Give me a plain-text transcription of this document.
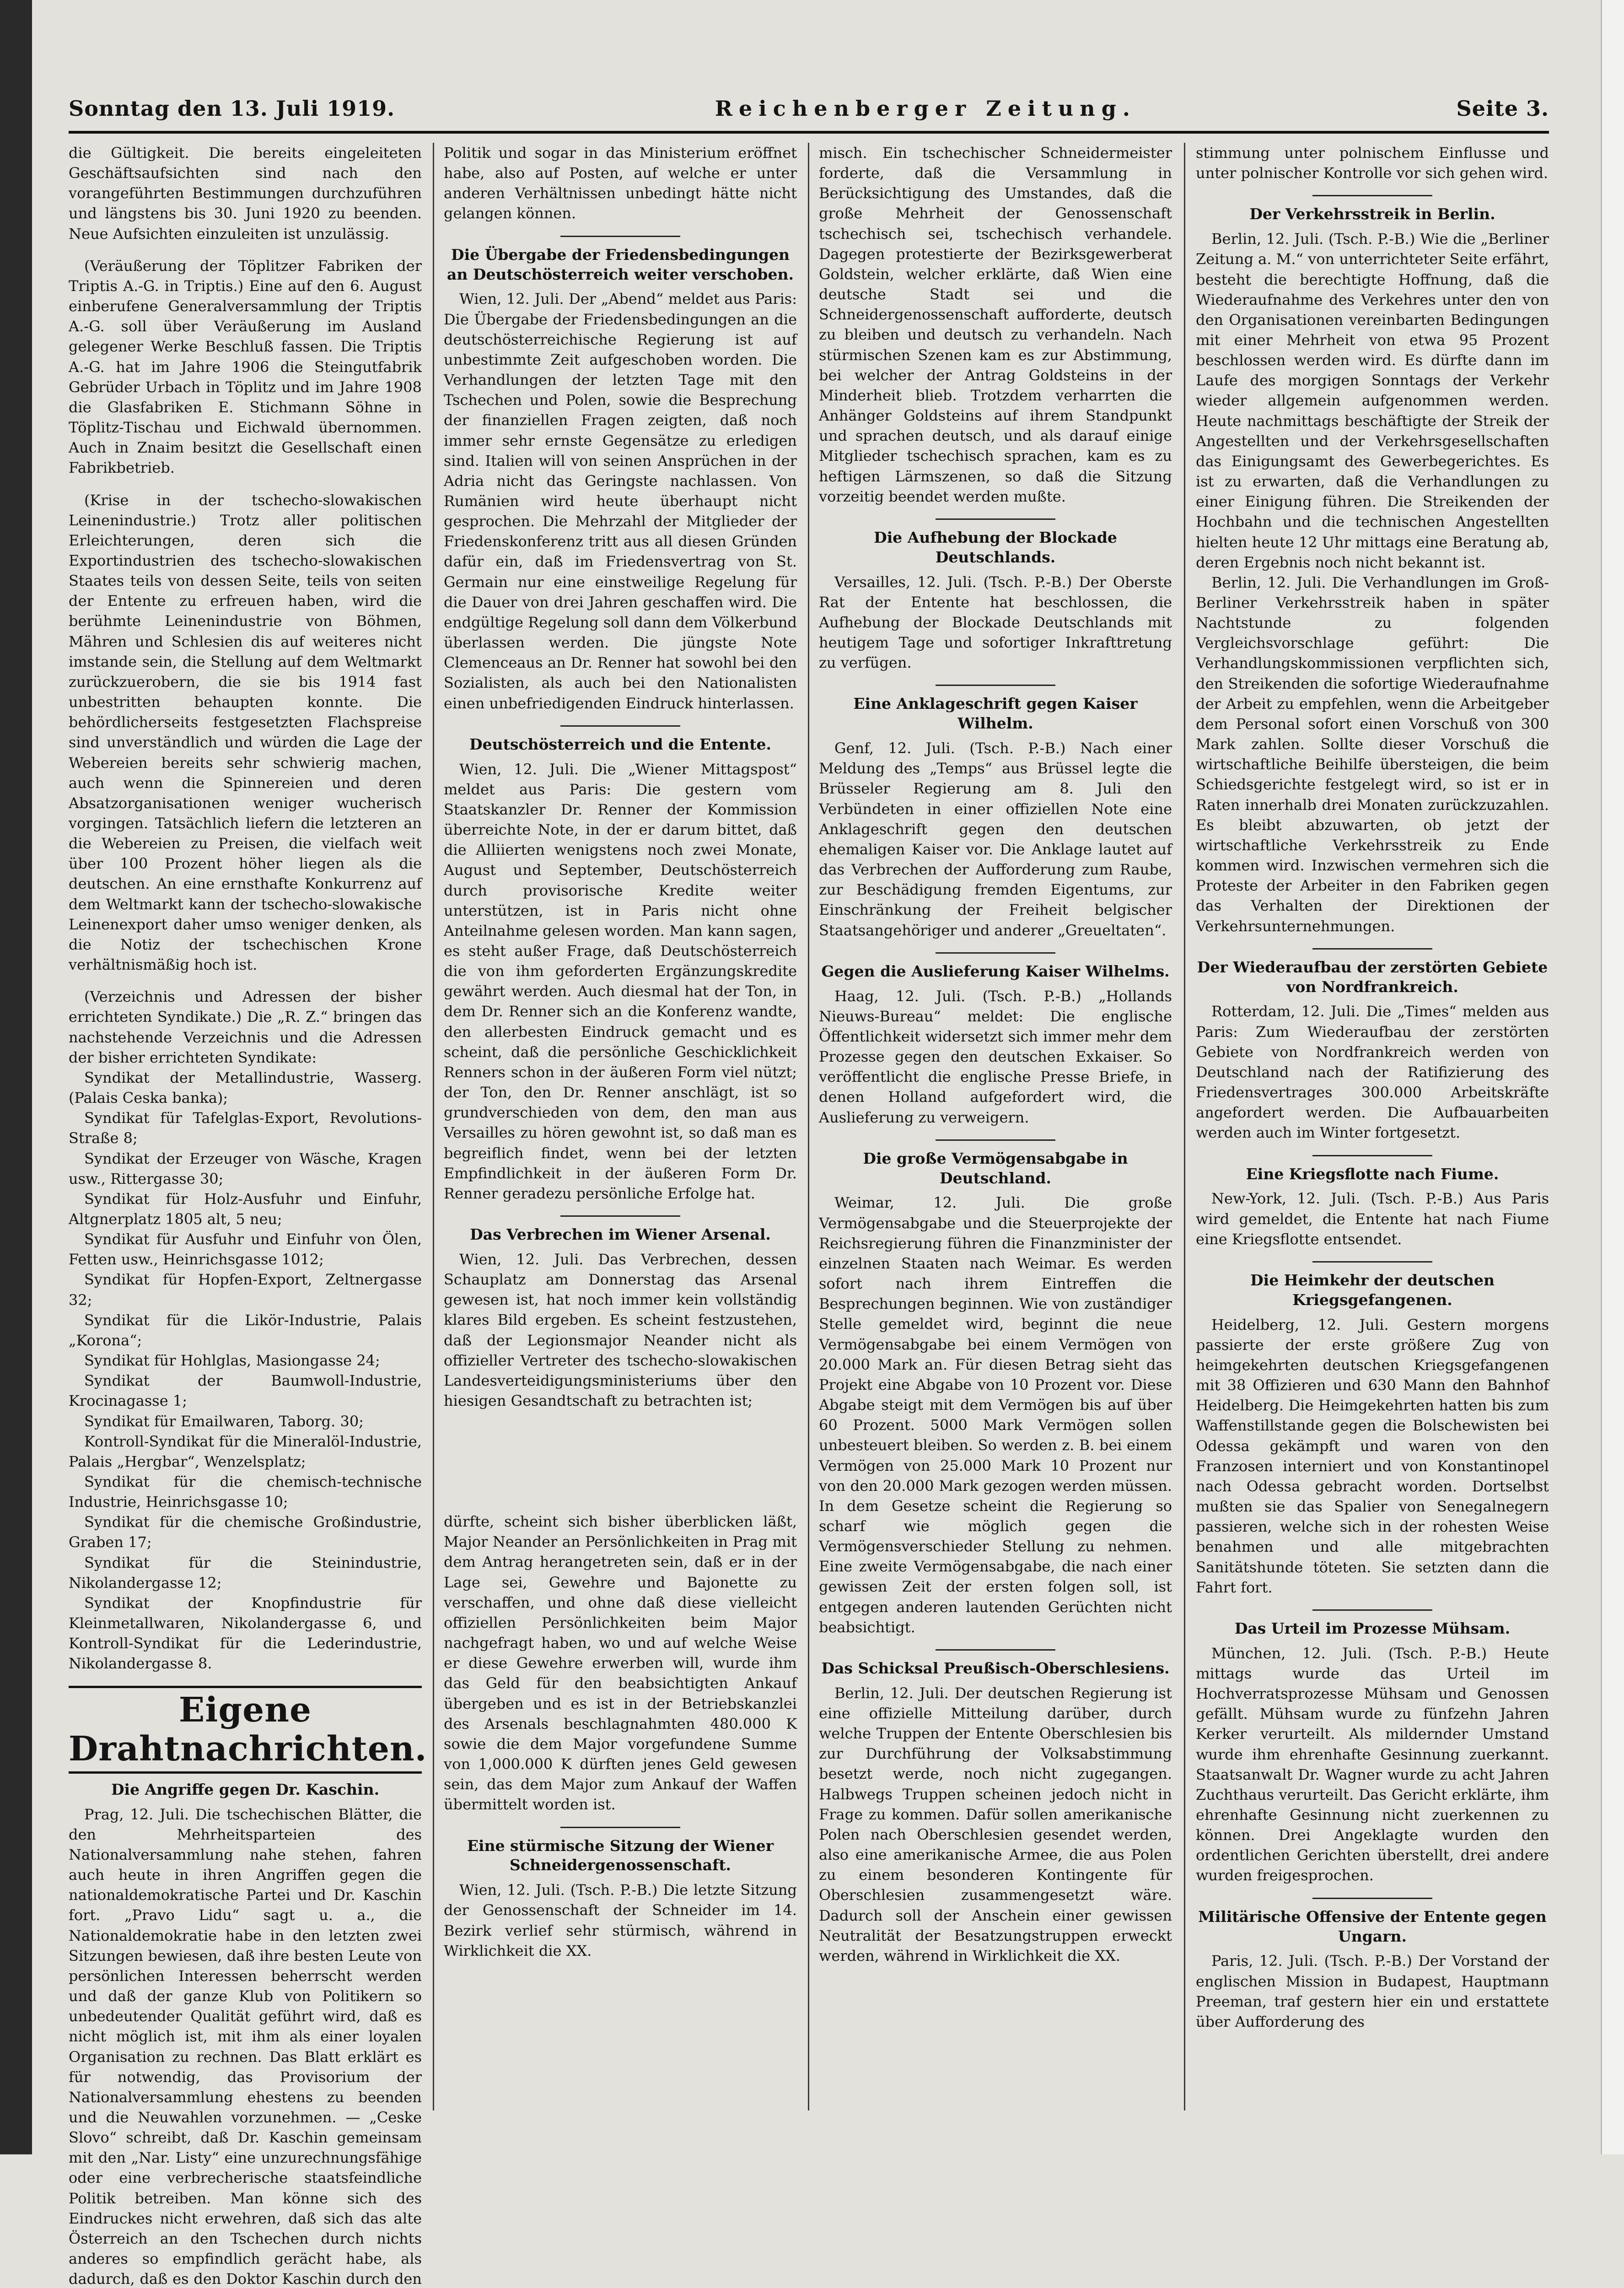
Sonntag den 13. Juli 1919.	Reichenberger Zeitung.	Seite 3.

die Gültigkeit. Die bereits eingeleiteten Geschäftsaufsichten sind nach den vorangeführten Bestimmungen durchzuführen und längstens bis 30. Juni 1920 zu beenden. Neue Aufsichten einzuleiten ist unzulässig.

(Veräußerung der Töplitzer Fabriken der Triptis A.-G. in Triptis.) Eine auf den 6. August einberufene Generalversammlung der Triptis A.-G. soll über Veräußerung im Ausland gelegener Werke Beschluß fassen. Die Triptis A.-G. hat im Jahre 1906 die Steingutfabrik Gebrüder Urbach in Töplitz und im Jahre 1908 die Glasfabriken E. Stichmann Söhne in Töplitz-Tischau und Eichwald übernommen. Auch in Znaim besitzt die Gesellschaft einen Fabrikbetrieb.

(Krise in der tschecho-slowakischen Leinenindustrie.) Trotz aller politischen Erleichterungen, deren sich die Exportindustrien des tschecho-slowakischen Staates teils von dessen Seite, teils von seiten der Entente zu erfreuen haben, wird die berühmte Leinenindustrie von Böhmen, Mähren und Schlesien dis auf weiteres nicht imstande sein, die Stellung auf dem Weltmarkt zurückzuerobern, die sie bis 1914 fast unbestritten behaupten konnte. Die behördlicherseits festgesetzten Flachspreise sind unverständlich und würden die Lage der Webereien bereits sehr schwierig machen, auch wenn die Spinnereien und deren Absatzorganisationen weniger wucherisch vorgingen. Tatsächlich liefern die letzteren an die Webereien zu Preisen, die vielfach weit über 100 Prozent höher liegen als die deutschen. An eine ernsthafte Konkurrenz auf dem Weltmarkt kann der tschecho-slowakische Leinenexport daher umso weniger denken, als die Notiz der tschechischen Krone verhältnismäßig hoch ist.

(Verzeichnis und Adressen der bisher errichteten Syndikate.) Die „R. Z.“ bringen das nachstehende Verzeichnis und die Adressen der bisher errichteten Syndikate:

Syndikat der Metallindustrie, Wasserg. (Palais Ceska banka);
Syndikat für Tafelglas-Export, Revolutions-Straße 8;
Syndikat der Erzeuger von Wäsche, Kragen usw., Rittergasse 30;
Syndikat für Holz-Ausfuhr und Einfuhr, Altgnerplatz 1805 alt, 5 neu;
Syndikat für Ausfuhr und Einfuhr von Ölen, Fetten usw., Heinrichsgasse 1012;
Syndikat für Hopfen-Export, Zeltnergasse 32;
Syndikat für die Likör-Industrie, Palais „Korona“;
Syndikat für Hohlglas, Masiongasse 24;
Syndikat der Baumwoll-Industrie, Krocinagasse 1;
Syndikat für Emailwaren, Taborg. 30;
Kontroll-Syndikat für die Mineralöl-Industrie, Palais „Hergbar“, Wenzelsplatz;
Syndikat für die chemisch-technische Industrie, Heinrichsgasse 10;
Syndikat für die chemische Großindustrie, Graben 17;
Syndikat für die Steinindustrie, Nikolandergasse 12;
Syndikat der Knopfindustrie für Kleinmetallwaren, Nikolandergasse 6, und Kontroll-Syndikat für die Lederindustrie, Nikolandergasse 8.
Eigene Drahtnachrichten.
Die Angriffe gegen Dr. Kaschin.

Prag, 12. Juli. Die tschechischen Blätter, die den Mehrheitsparteien des Nationalversammlung nahe stehen, fahren auch heute in ihren Angriffen gegen die nationaldemokratische Partei und Dr. Kaschin fort. „Pravo Lidu“ sagt u. a., die Nationaldemokratie habe in den letzten zwei Sitzungen bewiesen, daß ihre besten Leute von persönlichen Interessen beherrscht werden und daß der ganze Klub von Politikern so unbedeutender Qualität geführt wird, daß es nicht möglich ist, mit ihm als einer loyalen Organisation zu rechnen. Das Blatt erklärt es für notwendig, das Provisorium der Nationalversammlung ehestens zu beenden und die Neuwahlen vorzunehmen. — „Ceske Slovo“ schreibt, daß Dr. Kaschin gemeinsam mit den „Nar. Listy“ eine unzurechnungsfähige oder eine verbrecherische staatsfeindliche Politik betreiben. Man könne sich des Eindruckes nicht erwehren, daß sich das alte Österreich an den Tschechen durch nichts anderes so empfindlich gerächt habe, als dadurch, daß es den Doktor Kaschin durch den

Politik und sogar in das Ministerium eröffnet habe, also auf Posten, auf welche er unter anderen Verhältnissen unbedingt hätte nicht gelangen können.

Die Übergabe der Friedensbedingungen an Deutschösterreich weiter verschoben.

Wien, 12. Juli. Der „Abend“ meldet aus Paris: Die Übergabe der Friedensbedingungen an die deutschösterreichische Regierung ist auf unbestimmte Zeit aufgeschoben worden. Die Verhandlungen der letzten Tage mit den Tschechen und Polen, sowie die Besprechung der finanziellen Fragen zeigten, daß noch immer sehr ernste Gegensätze zu erledigen sind. Italien will von seinen Ansprüchen in der Adria nicht das Geringste nachlassen. Von Rumänien wird heute überhaupt nicht gesprochen. Die Mehrzahl der Mitglieder der Friedenskonferenz tritt aus all diesen Gründen dafür ein, daß im Friedensvertrag von St. Germain nur eine einstweilige Regelung für die Dauer von drei Jahren geschaffen wird. Die endgültige Regelung soll dann dem Völkerbund überlassen werden. Die jüngste Note Clemenceaus an Dr. Renner hat sowohl bei den Sozialisten, als auch bei den Nationalisten einen unbefriedigenden Eindruck hinterlassen.

Deutschösterreich und die Entente.

Wien, 12. Juli. Die „Wiener Mittagspost“ meldet aus Paris: Die gestern vom Staatskanzler Dr. Renner der Kommission überreichte Note, in der er darum bittet, daß die Alliierten wenigstens noch zwei Monate, August und September, Deutschösterreich durch provisorische Kredite weiter unterstützen, ist in Paris nicht ohne Anteilnahme gelesen worden. Man kann sagen, es steht außer Frage, daß Deutschösterreich die von ihm geforderten Ergänzungskredite gewährt werden. Auch diesmal hat der Ton, in dem Dr. Renner sich an die Konferenz wandte, den allerbesten Eindruck gemacht und es scheint, daß die persönliche Geschicklichkeit Renners schon in der äußeren Form viel nützt; der Ton, den Dr. Renner anschlägt, ist so grundverschieden von dem, den man aus Versailles zu hören gewohnt ist, so daß man es begreiflich findet, wenn bei der letzten Empfindlichkeit in der äußeren Form Dr. Renner geradezu persönliche Erfolge hat.

Das Verbrechen im Wiener Arsenal.

Wien, 12. Juli. Das Verbrechen, dessen Schauplatz am Donnerstag das Arsenal gewesen ist, hat noch immer kein vollständig klares Bild ergeben. Es scheint festzustehen, daß der Legionsmajor Neander nicht als offizieller Vertreter des tschecho-slowakischen Landesverteidigungsministeriums über den hiesigen Gesandtschaft zu betrachten ist;

dürfte, scheint sich bisher überblicken läßt, Major Neander an Persönlichkeiten in Prag mit dem Antrag herangetreten sein, daß er in der Lage sei, Gewehre und Bajonette zu verschaffen, und ohne daß diese vielleicht offiziellen Persönlichkeiten beim Major nachgefragt haben, wo und auf welche Weise er diese Gewehre erwerben will, wurde ihm das Geld für den beabsichtigten Ankauf übergeben und es ist in der Betriebskanzlei des Arsenals beschlagnahmten 480.000 K sowie die dem Major vorgefundene Summe von 1,000.000 K dürften jenes Geld gewesen sein, das dem Major zum Ankauf der Waffen übermittelt worden ist.

Eine stürmische Sitzung der Wiener Schneidergenossenschaft.

Wien, 12. Juli. (Tsch. P.-B.) Die letzte Sitzung der Genossenschaft der Schneider im 14. Bezirk verlief sehr stürmisch, während in Wirklichkeit die XX.

misch. Ein tschechischer Schneidermeister forderte, daß die Versammlung in Berücksichtigung des Umstandes, daß die große Mehrheit der Genossenschaft tschechisch sei, tschechisch verhandele. Dagegen protestierte der Bezirksgewerberat Goldstein, welcher erklärte, daß Wien eine deutsche Stadt sei und die Schneidergenossenschaft aufforderte, deutsch zu bleiben und deutsch zu verhandeln. Nach stürmischen Szenen kam es zur Abstimmung, bei welcher der Antrag Goldsteins in der Minderheit blieb. Trotzdem verharrten die Anhänger Goldsteins auf ihrem Standpunkt und sprachen deutsch, und als darauf einige Mitglieder tschechisch sprachen, kam es zu heftigen Lärmszenen, so daß die Sitzung vorzeitig beendet werden mußte.

Die Aufhebung der Blockade Deutschlands.

Versailles, 12. Juli. (Tsch. P.-B.) Der Oberste Rat der Entente hat beschlossen, die Aufhebung der Blockade Deutschlands mit heutigem Tage und sofortiger Inkrafttretung zu verfügen.

Eine Anklageschrift gegen Kaiser Wilhelm.

Genf, 12. Juli. (Tsch. P.-B.) Nach einer Meldung des „Temps“ aus Brüssel legte die Brüsseler Regierung am 8. Juli den Verbündeten in einer offiziellen Note eine Anklageschrift gegen den deutschen ehemaligen Kaiser vor. Die Anklage lautet auf das Verbrechen der Aufforderung zum Raube, zur Beschädigung fremden Eigentums, zur Einschränkung der Freiheit belgischer Staatsangehöriger und anderer „Greueltaten“.

Gegen die Auslieferung Kaiser Wilhelms.

Haag, 12. Juli. (Tsch. P.-B.) „Hollands Nieuws-Bureau“ meldet: Die englische Öffentlichkeit widersetzt sich immer mehr dem Prozesse gegen den deutschen Exkaiser. So veröffentlicht die englische Presse Briefe, in denen Holland aufgefordert wird, die Auslieferung zu verweigern.

Die große Vermögensabgabe in Deutschland.

Weimar, 12. Juli. Die große Vermögensabgabe und die Steuerprojekte der Reichsregierung führen die Finanzminister der einzelnen Staaten nach Weimar. Es werden sofort nach ihrem Eintreffen die Besprechungen beginnen. Wie von zuständiger Stelle gemeldet wird, beginnt die neue Vermögensabgabe bei einem Vermögen von 20.000 Mark an. Für diesen Betrag sieht das Projekt eine Abgabe von 10 Prozent vor. Diese Abgabe steigt mit dem Vermögen bis auf über 60 Prozent. 5000 Mark Vermögen sollen unbesteuert bleiben. So werden z. B. bei einem Vermögen von 25.000 Mark 10 Prozent nur von den 20.000 Mark gezogen werden müssen. In dem Gesetze scheint die Regierung so scharf wie möglich gegen die Vermögensverschieder Stellung zu nehmen. Eine zweite Vermögensabgabe, die nach einer gewissen Zeit der ersten folgen soll, ist entgegen anderen lautenden Gerüchten nicht beabsichtigt.

Das Schicksal Preußisch-Oberschlesiens.

Berlin, 12. Juli. Der deutschen Regierung ist eine offizielle Mitteilung darüber, durch welche Truppen der Entente Oberschlesien bis zur Durchführung der Volksabstimmung besetzt werde, noch nicht zugegangen. Halbwegs Truppen scheinen jedoch nicht in Frage zu kommen. Dafür sollen amerikanische Polen nach Oberschlesien gesendet werden, also eine amerikanische Armee, die aus Polen zu einem besonderen Kontingente für Oberschlesien zusammengesetzt wäre. Dadurch soll der Anschein einer gewissen Neutralität der Besatzungstruppen erweckt werden, während in Wirklichkeit die XX.

stimmung unter polnischem Einflusse und unter polnischer Kontrolle vor sich gehen wird.

Der Verkehrsstreik in Berlin.

Berlin, 12. Juli. (Tsch. P.-B.) Wie die „Berliner Zeitung a. M.“ von unterrichteter Seite erfährt, besteht die berechtigte Hoffnung, daß die Wiederaufnahme des Verkehres unter den von den Organisationen vereinbarten Bedingungen mit einer Mehrheit von etwa 95 Prozent beschlossen werden wird. Es dürfte dann im Laufe des morgigen Sonntags der Verkehr wieder allgemein aufgenommen werden. Heute nachmittags beschäftigte der Streik der Angestellten und der Verkehrsgesellschaften das Einigungsamt des Gewerbegerichtes. Es ist zu erwarten, daß die Verhandlungen zu einer Einigung führen. Die Streikenden der Hochbahn und die technischen Angestellten hielten heute 12 Uhr mittags eine Beratung ab, deren Ergebnis noch nicht bekannt ist.

Berlin, 12. Juli. Die Verhandlungen im Groß-Berliner Verkehrsstreik haben in später Nachtstunde zu folgenden Vergleichsvorschlage geführt: Die Verhandlungskommissionen verpflichten sich, den Streikenden die sofortige Wiederaufnahme der Arbeit zu empfehlen, wenn die Arbeitgeber dem Personal sofort einen Vorschuß von 300 Mark zahlen. Sollte dieser Vorschuß die wirtschaftliche Beihilfe übersteigen, die beim Schiedsgerichte festgelegt wird, so ist er in Raten innerhalb drei Monaten zurückzuzahlen. Es bleibt abzuwarten, ob jetzt der wirtschaftliche Verkehrsstreik zu Ende kommen wird. Inzwischen vermehren sich die Proteste der Arbeiter in den Fabriken gegen das Verhalten der Direktionen der Verkehrsunternehmungen.

Der Wiederaufbau der zerstörten Gebiete von Nordfrankreich.

Rotterdam, 12. Juli. Die „Times“ melden aus Paris: Zum Wiederaufbau der zerstörten Gebiete von Nordfrankreich werden von Deutschland nach der Ratifizierung des Friedensvertrages 300.000 Arbeitskräfte angefordert werden. Die Aufbauarbeiten werden auch im Winter fortgesetzt.

Eine Kriegsflotte nach Fiume.

New-York, 12. Juli. (Tsch. P.-B.) Aus Paris wird gemeldet, die Entente hat nach Fiume eine Kriegsflotte entsendet.

Die Heimkehr der deutschen Kriegsgefangenen.

Heidelberg, 12. Juli. Gestern morgens passierte der erste größere Zug von heimgekehrten deutschen Kriegsgefangenen mit 38 Offizieren und 630 Mann den Bahnhof Heidelberg. Die Heimgekehrten hatten bis zum Waffenstillstande gegen die Bolschewisten bei Odessa gekämpft und waren von den Franzosen interniert und von Konstantinopel nach Odessa gebracht worden. Dortselbst mußten sie das Spalier von Senegalnegern passieren, welche sich in der rohesten Weise benahmen und alle mitgebrachten Sanitätshunde töteten. Sie setzten dann die Fahrt fort.

Das Urteil im Prozesse Mühsam.

München, 12. Juli. (Tsch. P.-B.) Heute mittags wurde das Urteil im Hochverratsprozesse Mühsam und Genossen gefällt. Mühsam wurde zu fünfzehn Jahren Kerker verurteilt. Als mildernder Umstand wurde ihm ehrenhafte Gesinnung zuerkannt. Staatsanwalt Dr. Wagner wurde zu acht Jahren Zuchthaus verurteilt. Das Gericht erklärte, ihm ehrenhafte Gesinnung nicht zuerkennen zu können. Drei Angeklagte wurden den ordentlichen Gerichten überstellt, drei andere wurden freigesprochen.

Militärische Offensive der Entente gegen Ungarn.

Paris, 12. Juli. (Tsch. P.-B.) Der Vorstand der englischen Mission in Budapest, Hauptmann Preeman, traf gestern hier ein und erstattete über Aufforderung des
